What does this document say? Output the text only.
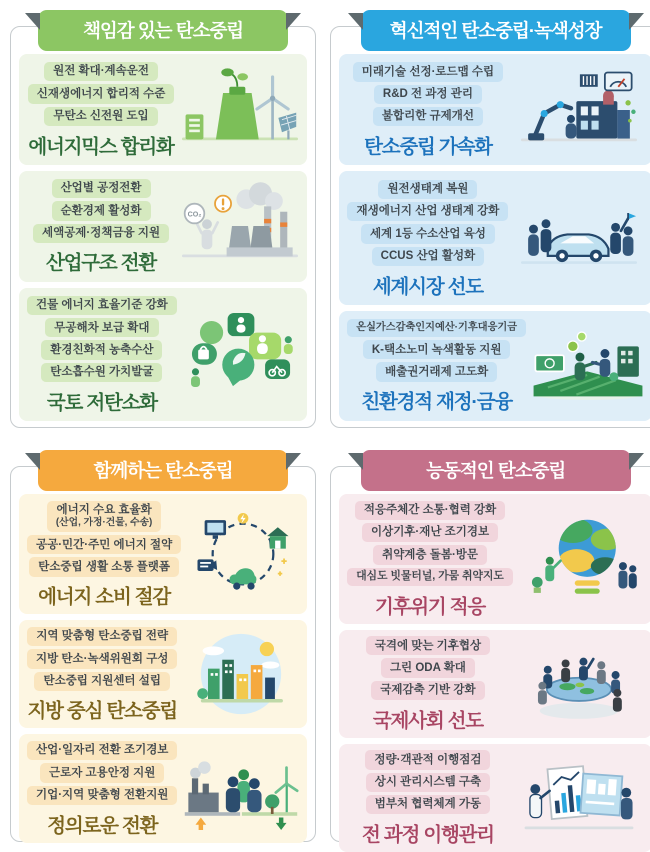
책임감 있는 탄소중립
원전 확대·계속운전
신재생에너지 합리적 수준
무탄소 신전원 도입
에너지믹스 합리화
산업별 공정전환
순환경제 활성화
세액공제·정책금융 지원
산업구조 전환
CO₂
건물 에너지 효율기준 강화
무공해차 보급 확대
환경친화적 농축수산
탄소흡수원 가치발굴
국토 저탄소화
혁신적인 탄소중립·녹색성장
미래기술 선정·로드맵 수립
R&D 전 과정 관리
불합리한 규제개선
탄소중립 가속화
원전생태계 복원
재생에너지 산업 생태계 강화
세계 1등 수소산업 육성
CCUS 산업 활성화
세계시장 선도
온실가스감축인지예산·기후대응기금
K-택소노미 녹색활동 지원
배출권거래제 고도화
친환경적 재정·금융
함께하는 탄소중립
에너지 수요 효율화
(산업, 가정·건물, 수송)
공공·민간·주민 에너지 절약
탄소중립 생활 소통 플랫폼
에너지 소비 절감
지역 맞춤형 탄소중립 전략
지방 탄소·녹색위원회 구성
탄소중립 지원센터 설립
지방 중심 탄소중립
산업·일자리 전환 조기경보
근로자 고용안정 지원
기업·지역 맞춤형 전환지원
정의로운 전환
능동적인 탄소중립
적응주체간 소통·협력 강화
이상기후·재난 조기경보
취약계층 돌봄·방문
대심도 빗물터널, 가뭄 취약지도
기후위기 적응
국격에 맞는 기후협상
그린 ODA 확대
국제감축 기반 강화
국제사회 선도
정량·객관적 이행점검
상시 관리시스템 구축
범부처 협력체계 가동
전 과정 이행관리
